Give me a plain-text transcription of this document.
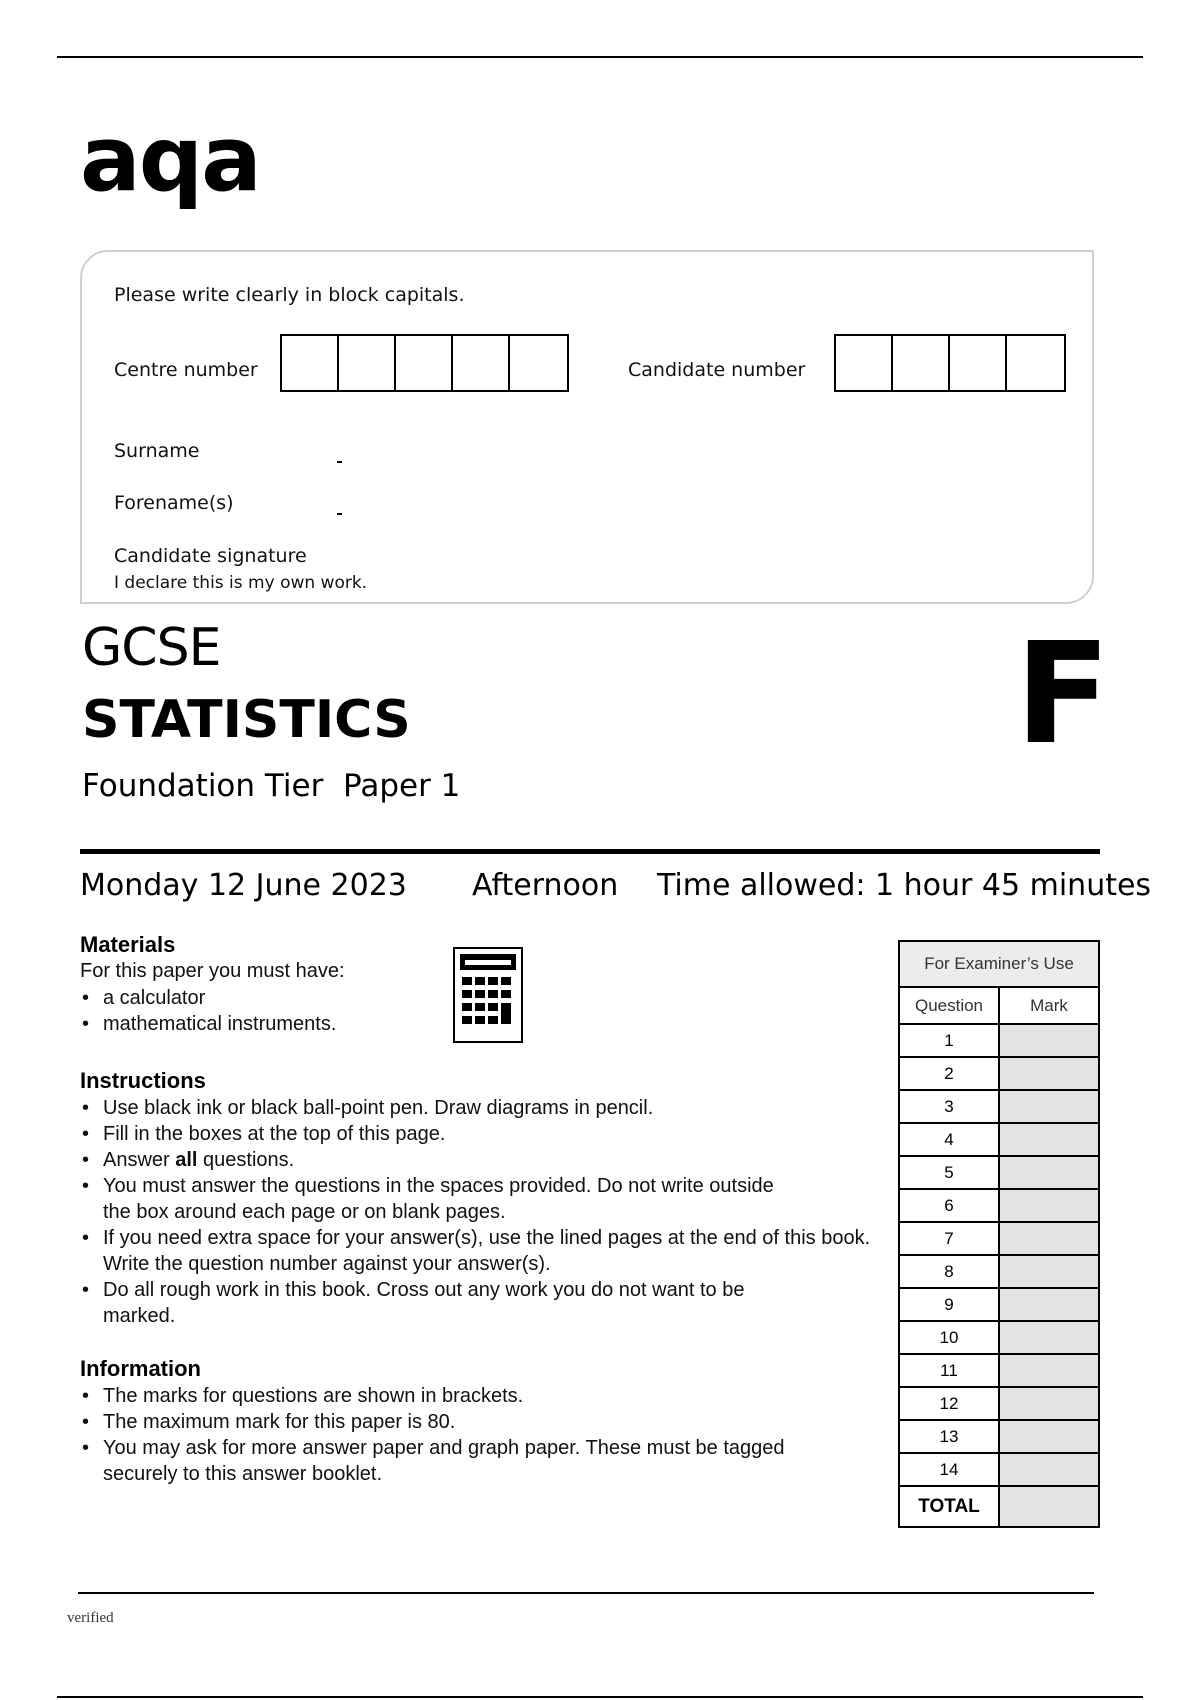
aqa
Please write clearly in block capitals.
Centre number	Candidate number
Surname
Forename(s)
Candidate signature
I declare this is my own work.
GCSE
STATISTICS
Foundation Tier  Paper 1
F
Monday 12 June 2023 Afternoon Time allowed: 1 hour 45 minutes
Materials
For this paper you must have:
• a calculator
• mathematical instruments.
Instructions
• Use black ink or black ball-point pen. Draw diagrams in pencil.
• Fill in the boxes at the top of this page.
• Answer all questions.
• You must answer the questions in the spaces provided. Do not write outside the box around each page or on blank pages.
• If you need extra space for your answer(s), use the lined pages at the end of this book. Write the question number against your answer(s).
• Do all rough work in this book. Cross out any work you do not want to be marked.
Information
• The marks for questions are shown in brackets.
• The maximum mark for this paper is 80.
• You may ask for more answer paper and graph paper. These must be tagged securely to this answer booklet.
For Examiner’s Use	
Question	Mark
1	
2	
3	
4	
5	
6	
7	
8	
9	
10	
11	
12	
13	
14	
TOTAL	
verified
